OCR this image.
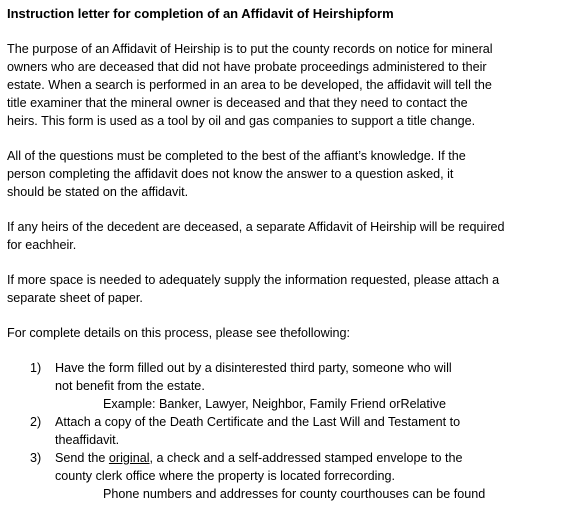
Instruction letter for completion of an Affidavit of Heirshipform
The purpose of an Affidavit of Heirship is to put the county records on notice for mineral
owners who are deceased that did not have probate proceedings administered to their
estate. When a search is performed in an area to be developed, the affidavit will tell the
title examiner that the mineral owner is deceased and that they need to contact the
heirs. This form is used as a tool by oil and gas companies to support a title change.
All of the questions must be completed to the best of the affiant’s knowledge. If the
person completing the affidavit does not know the answer to a question asked, it
should be stated on the affidavit.
If any heirs of the decedent are deceased, a separate Affidavit of Heirship will be required
for eachheir.
If more space is needed to adequately supply the information requested, please attach a
separate sheet of paper.
For complete details on this process, please see thefollowing:
1) Have the form filled out by a disinterested third party, someone who will
not benefit from the estate.
Example: Banker, Lawyer, Neighbor, Family Friend orRelative
2) Attach a copy of the Death Certificate and the Last Will and Testament to
theaffidavit.
3) Send the original, a check and a self-addressed stamped envelope to the
county clerk office where the property is located forrecording.
Phone numbers and addresses for county courthouses can be found
